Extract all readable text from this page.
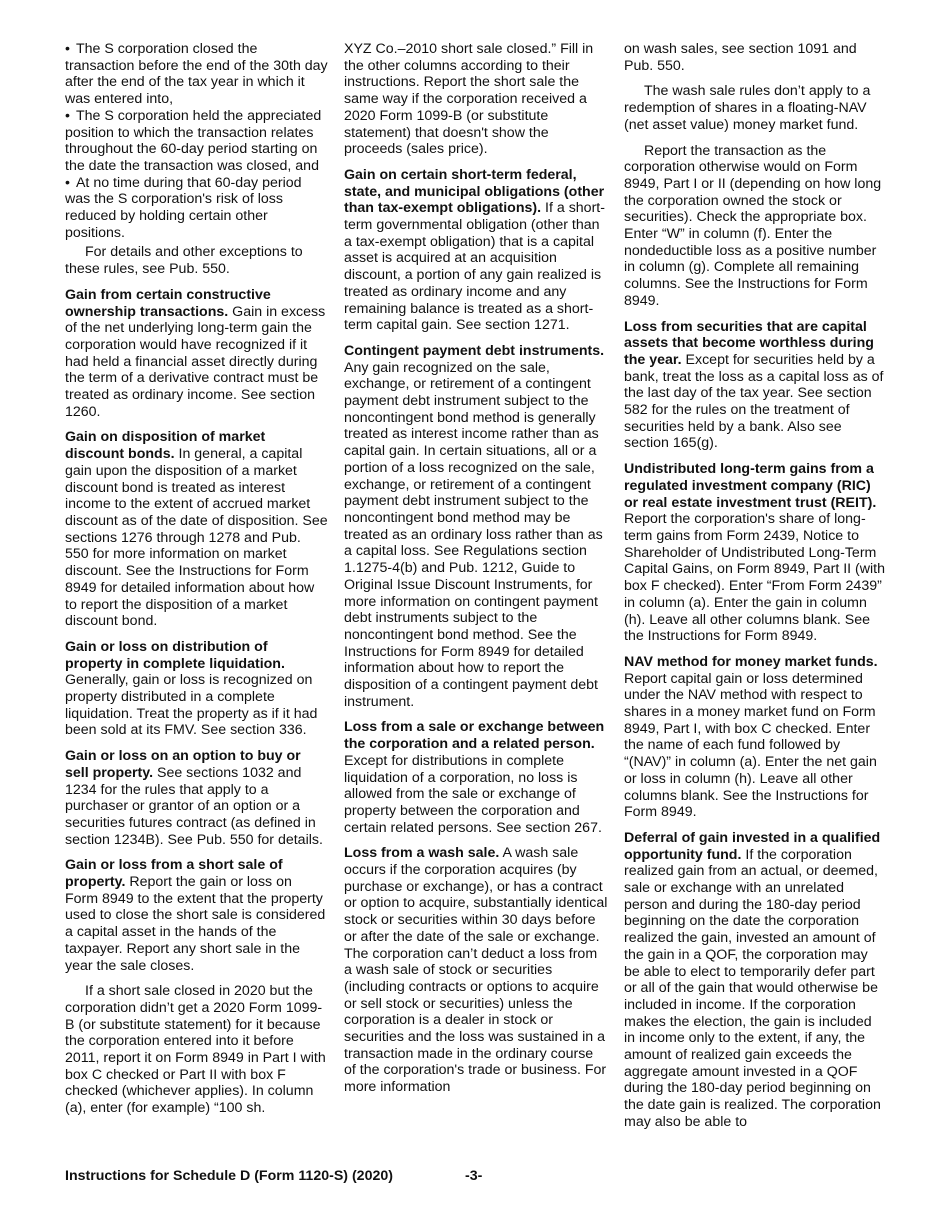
• The S corporation closed the transaction before the end of the 30th day after the end of the tax year in which it was entered into,
• The S corporation held the appreciated position to which the transaction relates throughout the 60-day period starting on the date the transaction was closed, and
• At no time during that 60-day period was the S corporation's risk of loss reduced by holding certain other positions.

For details and other exceptions to these rules, see Pub. 550.

Gain from certain constructive ownership transactions. Gain in excess of the net underlying long-term gain the corporation would have recognized if it had held a financial asset directly during the term of a derivative contract must be treated as ordinary income. See section 1260.

Gain on disposition of market discount bonds. In general, a capital gain upon the disposition of a market discount bond is treated as interest income to the extent of accrued market discount as of the date of disposition. See sections 1276 through 1278 and Pub. 550 for more information on market discount. See the Instructions for Form 8949 for detailed information about how to report the disposition of a market discount bond.

Gain or loss on distribution of property in complete liquidation. Generally, gain or loss is recognized on property distributed in a complete liquidation. Treat the property as if it had been sold at its FMV. See section 336.

Gain or loss on an option to buy or sell property. See sections 1032 and 1234 for the rules that apply to a purchaser or grantor of an option or a securities futures contract (as defined in section 1234B). See Pub. 550 for details.

Gain or loss from a short sale of property. Report the gain or loss on Form 8949 to the extent that the property used to close the short sale is considered a capital asset in the hands of the taxpayer. Report any short sale in the year the sale closes.

If a short sale closed in 2020 but the corporation didn’t get a 2020 Form 1099-B (or substitute statement) for it because the corporation entered into it before 2011, report it on Form 8949 in Part I with box C checked or Part II with box F checked (whichever applies). In column (a), enter (for example) “100 sh.

XYZ Co.–2010 short sale closed.” Fill in the other columns according to their instructions. Report the short sale the same way if the corporation received a 2020 Form 1099-B (or substitute statement) that doesn't show the proceeds (sales price).

Gain on certain short-term federal, state, and municipal obligations (other than tax-exempt obligations). If a short-term governmental obligation (other than a tax-exempt obligation) that is a capital asset is acquired at an acquisition discount, a portion of any gain realized is treated as ordinary income and any remaining balance is treated as a short-term capital gain. See section 1271.

Contingent payment debt instruments. Any gain recognized on the sale, exchange, or retirement of a contingent payment debt instrument subject to the noncontingent bond method is generally treated as interest income rather than as capital gain. In certain situations, all or a portion of a loss recognized on the sale, exchange, or retirement of a contingent payment debt instrument subject to the noncontingent bond method may be treated as an ordinary loss rather than as a capital loss. See Regulations section 1.1275-4(b) and Pub. 1212, Guide to Original Issue Discount Instruments, for more information on contingent payment debt instruments subject to the noncontingent bond method. See the Instructions for Form 8949 for detailed information about how to report the disposition of a contingent payment debt instrument.

Loss from a sale or exchange between the corporation and a related person. Except for distributions in complete liquidation of a corporation, no loss is allowed from the sale or exchange of property between the corporation and certain related persons. See section 267.

Loss from a wash sale. A wash sale occurs if the corporation acquires (by purchase or exchange), or has a contract or option to acquire, substantially identical stock or securities within 30 days before or after the date of the sale or exchange. The corporation can’t deduct a loss from a wash sale of stock or securities (including contracts or options to acquire or sell stock or securities) unless the corporation is a dealer in stock or securities and the loss was sustained in a transaction made in the ordinary course of the corporation's trade or business. For more information

on wash sales, see section 1091 and Pub. 550.

The wash sale rules don’t apply to a redemption of shares in a floating-NAV (net asset value) money market fund.

Report the transaction as the corporation otherwise would on Form 8949, Part I or II (depending on how long the corporation owned the stock or securities). Check the appropriate box. Enter “W” in column (f). Enter the nondeductible loss as a positive number in column (g). Complete all remaining columns. See the Instructions for Form 8949.

Loss from securities that are capital assets that become worthless during the year. Except for securities held by a bank, treat the loss as a capital loss as of the last day of the tax year. See section 582 for the rules on the treatment of securities held by a bank. Also see section 165(g).

Undistributed long-term gains from a regulated investment company (RIC) or real estate investment trust (REIT). Report the corporation's share of long-term gains from Form 2439, Notice to Shareholder of Undistributed Long-Term Capital Gains, on Form 8949, Part II (with box F checked). Enter “From Form 2439” in column (a). Enter the gain in column (h). Leave all other columns blank. See the Instructions for Form 8949.

NAV method for money market funds. Report capital gain or loss determined under the NAV method with respect to shares in a money market fund on Form 8949, Part I, with box C checked. Enter the name of each fund followed by “(NAV)” in column (a). Enter the net gain or loss in column (h). Leave all other columns blank. See the Instructions for Form 8949.

Deferral of gain invested in a qualified opportunity fund. If the corporation realized gain from an actual, or deemed, sale or exchange with an unrelated person and during the 180-day period beginning on the date the corporation realized the gain, invested an amount of the gain in a QOF, the corporation may be able to elect to temporarily defer part or all of the gain that would otherwise be included in income. If the corporation makes the election, the gain is included in income only to the extent, if any, the amount of realized gain exceeds the aggregate amount invested in a QOF during the 180-day period beginning on the date gain is realized. The corporation may also be able to

Instructions for Schedule D (Form 1120-S) (2020)	-3-
